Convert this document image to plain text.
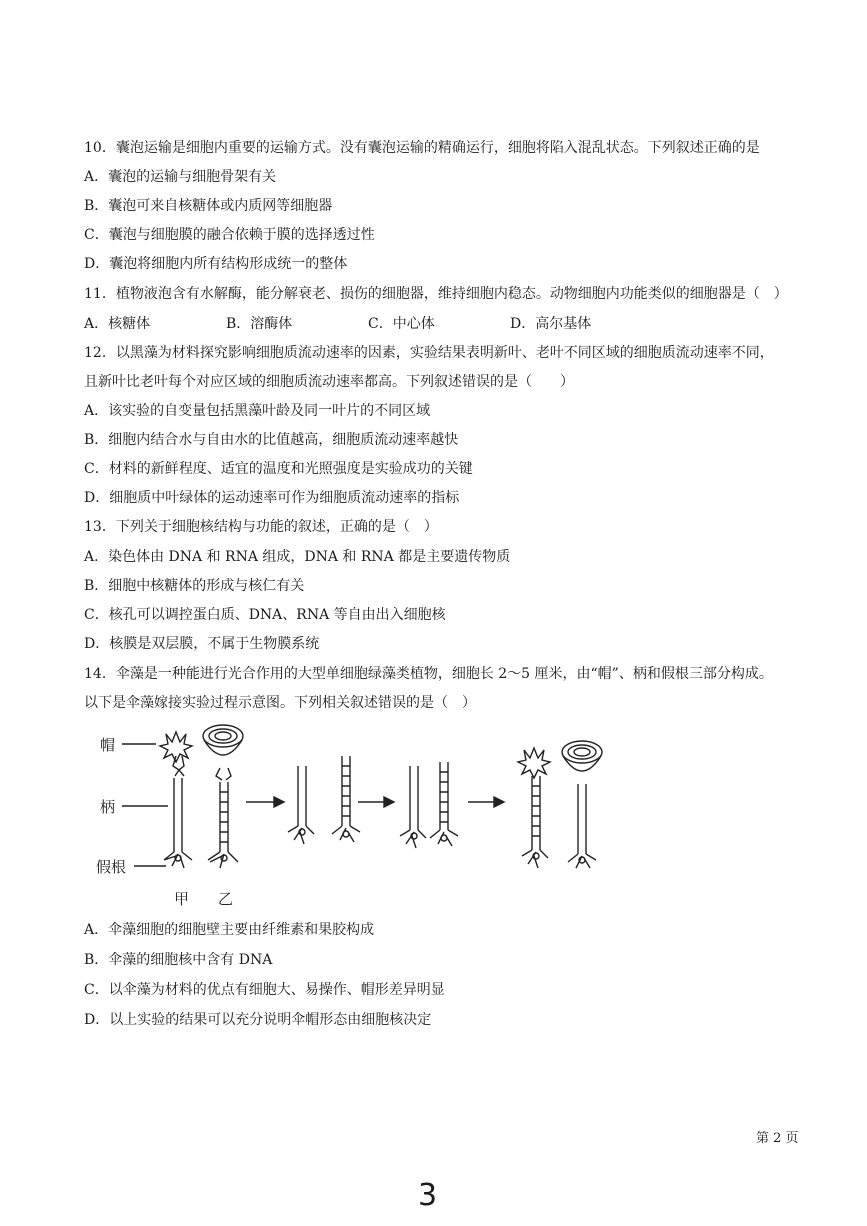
10．囊泡运输是细胞内重要的运输方式。没有囊泡运输的精确运行，细胞将陷入混乱状态。下列叙述正确的是
A．囊泡的运输与细胞骨架有关
B．囊泡可来自核糖体或内质网等细胞器
C．囊泡与细胞膜的融合依赖于膜的选择透过性
D．囊泡将细胞内所有结构形成统一的整体
11．植物液泡含有水解酶，能分解衰老、损伤的细胞器，维持细胞内稳态。动物细胞内功能类似的细胞器是（　）
A．核糖体	B．溶酶体	C．中心体	D．高尔基体
12．以黑藻为材料探究影响细胞质流动速率的因素，实验结果表明新叶、老叶不同区域的细胞质流动速率不同，
且新叶比老叶每个对应区域的细胞质流动速率都高。下列叙述错误的是（　　）
A．该实验的自变量包括黑藻叶龄及同一叶片的不同区域
B．细胞内结合水与自由水的比值越高，细胞质流动速率越快
C．材料的新鲜程度、适宜的温度和光照强度是实验成功的关键
D．细胞质中叶绿体的运动速率可作为细胞质流动速率的指标
13．下列关于细胞核结构与功能的叙述，正确的是（　）
A．染色体由 DNA 和 RNA 组成，DNA 和 RNA 都是主要遗传物质
B．细胞中核糖体的形成与核仁有关
C．核孔可以调控蛋白质、DNA、RNA 等自由出入细胞核
D．核膜是双层膜，不属于生物膜系统
14．伞藻是一种能进行光合作用的大型单细胞绿藻类植物，细胞长 2～5 厘米，由“帽”、柄和假根三部分构成。
以下是伞藻嫁接实验过程示意图。下列相关叙述错误的是（　）
帽
柄
假根
甲 乙
A．伞藻细胞的细胞壁主要由纤维素和果胶构成
B．伞藻的细胞核中含有 DNA
C．以伞藻为材料的优点有细胞大、易操作、帽形差异明显
D．以上实验的结果可以充分说明伞帽形态由细胞核决定
第 2 页
3
